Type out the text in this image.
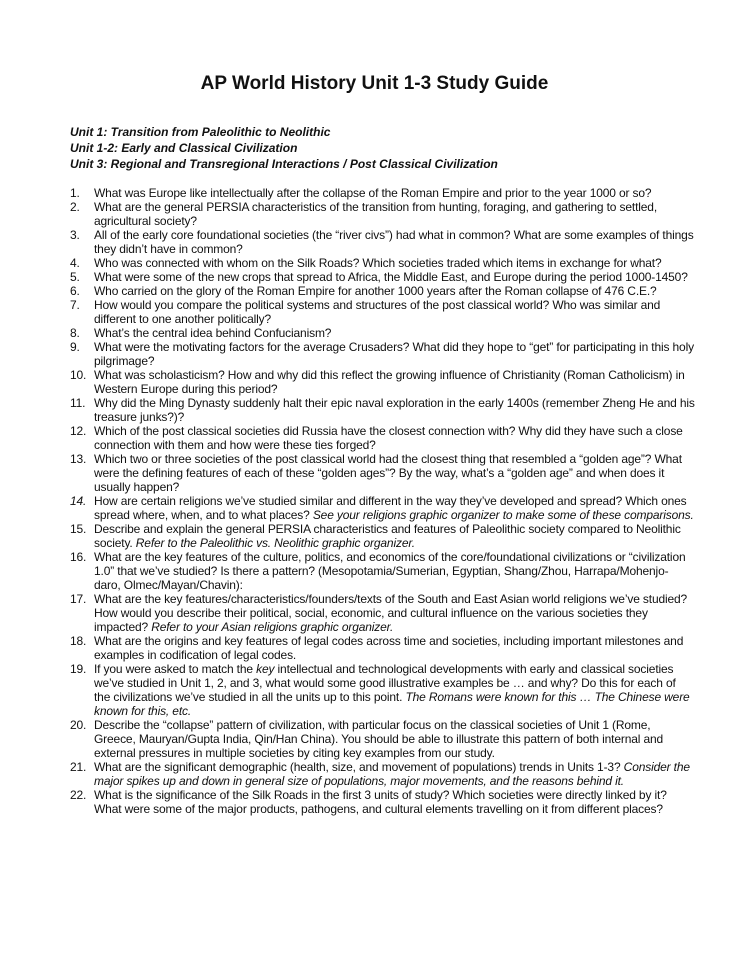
AP World History Unit 1-3 Study Guide
Unit 1: Transition from Paleolithic to Neolithic
Unit 1-2: Early and Classical Civilization
Unit 3: Regional and Transregional Interactions / Post Classical Civilization
1. What was Europe like intellectually after the collapse of the Roman Empire and prior to the year 1000 or so?
2. What are the general PERSIA characteristics of the transition from hunting, foraging, and gathering to settled, agricultural society?
3. All of the early core foundational societies (the “river civs”) had what in common? What are some examples of things they didn’t have in common?
4. Who was connected with whom on the Silk Roads? Which societies traded which items in exchange for what?
5. What were some of the new crops that spread to Africa, the Middle East, and Europe during the period 1000-1450?
6. Who carried on the glory of the Roman Empire for another 1000 years after the Roman collapse of 476 C.E.?
7. How would you compare the political systems and structures of the post classical world? Who was similar and different to one another politically?
8. What’s the central idea behind Confucianism?
9. What were the motivating factors for the average Crusaders? What did they hope to “get” for participating in this holy pilgrimage?
10. What was scholasticism? How and why did this reflect the growing influence of Christianity (Roman Catholicism) in Western Europe during this period?
11. Why did the Ming Dynasty suddenly halt their epic naval exploration in the early 1400s (remember Zheng He and his treasure junks?)?
12. Which of the post classical societies did Russia have the closest connection with? Why did they have such a close connection with them and how were these ties forged?
13. Which two or three societies of the post classical world had the closest thing that resembled a “golden age”? What were the defining features of each of these “golden ages”? By the way, what’s a “golden age” and when does it usually happen?
14. How are certain religions we’ve studied similar and different in the way they’ve developed and spread? Which ones spread where, when, and to what places? See your religions graphic organizer to make some of these comparisons.
15. Describe and explain the general PERSIA characteristics and features of Paleolithic society compared to Neolithic society. Refer to the Paleolithic vs. Neolithic graphic organizer.
16. What are the key features of the culture, politics, and economics of the core/foundational civilizations or “civilization 1.0” that we’ve studied? Is there a pattern? (Mesopotamia/Sumerian, Egyptian, Shang/Zhou, Harrapa/Mohenjo-daro, Olmec/Mayan/Chavin):
17. What are the key features/characteristics/founders/texts of the South and East Asian world religions we’ve studied? How would you describe their political, social, economic, and cultural influence on the various societies they impacted? Refer to your Asian religions graphic organizer.
18. What are the origins and key features of legal codes across time and societies, including important milestones and examples in codification of legal codes.
19. If you were asked to match the key intellectual and technological developments with early and classical societies we’ve studied in Unit 1, 2, and 3, what would some good illustrative examples be … and why? Do this for each of the civilizations we’ve studied in all the units up to this point. The Romans were known for this … The Chinese were known for this, etc.
20. Describe the “collapse” pattern of civilization, with particular focus on the classical societies of Unit 1 (Rome, Greece, Mauryan/Gupta India, Qin/Han China). You should be able to illustrate this pattern of both internal and external pressures in multiple societies by citing key examples from our study.
21. What are the significant demographic (health, size, and movement of populations) trends in Units 1-3? Consider the major spikes up and down in general size of populations, major movements, and the reasons behind it.
22. What is the significance of the Silk Roads in the first 3 units of study? Which societies were directly linked by it? What were some of the major products, pathogens, and cultural elements travelling on it from different places?
